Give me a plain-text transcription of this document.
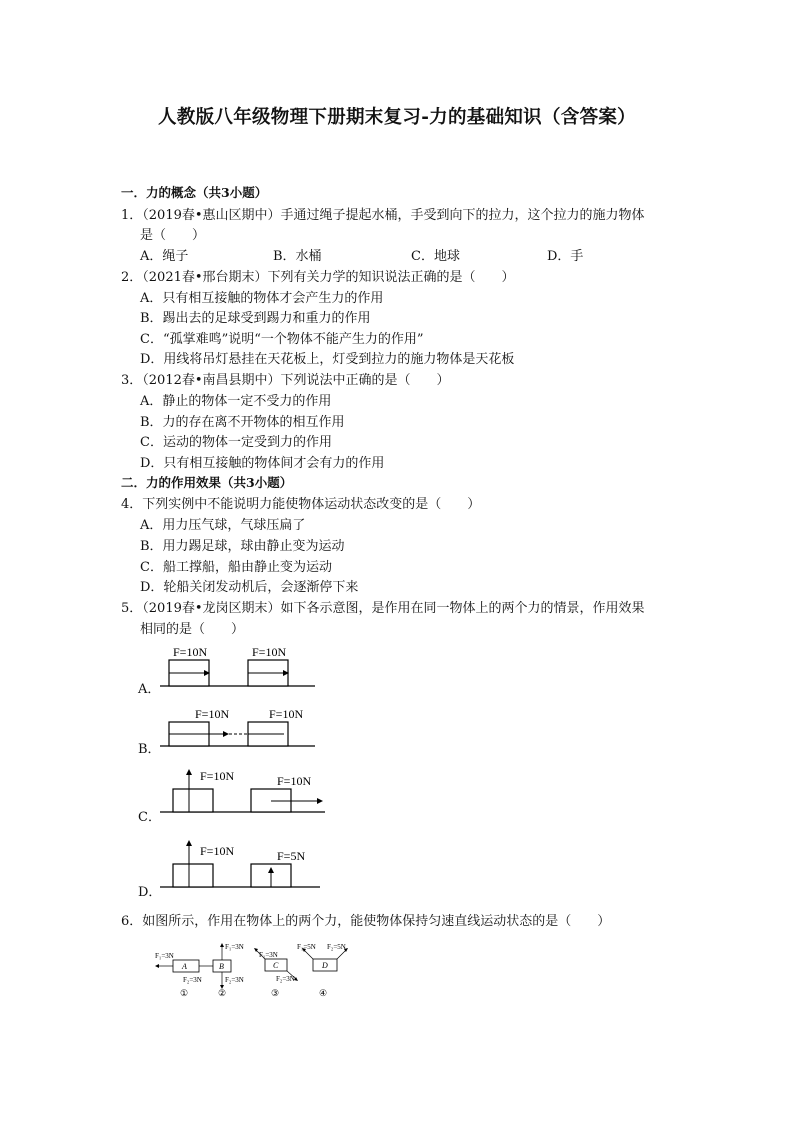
人教版八年级物理下册期末复习-力的基础知识（含答案）
一．力的概念（共3小题）
1．（2019春•惠山区期中）手通过绳子提起水桶，手受到向下的拉力，这个拉力的施力物体
是（　　）
A．绳子	B．水桶	C．地球	D．手
2．（2021春•邢台期末）下列有关力学的知识说法正确的是（　　）
A．只有相互接触的物体才会产生力的作用
B．踢出去的足球受到踢力和重力的作用
C．“孤掌难鸣”说明“一个物体不能产生力的作用”
D．用线将吊灯悬挂在天花板上，灯受到拉力的施力物体是天花板
3．（2012春•南昌县期中）下列说法中正确的是（　　）
A．静止的物体一定不受力的作用
B．力的存在离不开物体的相互作用
C．运动的物体一定受到力的作用
D．只有相互接触的物体间才会有力的作用
二．力的作用效果（共3小题）
4．下列实例中不能说明力能使物体运动状态改变的是（　　）
A．用力压气球，气球压扁了
B．用力踢足球，球由静止变为运动
C．船工撑船，船由静止变为运动
D．轮船关闭发动机后，会逐渐停下来
5．（2019春•龙岗区期末）如下各示意图，是作用在同一物体上的两个力的情景，作用效果
相同的是（　　）
A．
F=10N	F=10N
B．
F=10N	F=10N
C．
F=10N	F=10N
D．
F=10N	F=5N
6．如图所示，作用在物体上的两个力，能使物体保持匀速直线运动状态的是（　　）
A
F₁=3N
F₂=3N
①
B
F₁=3N
F₂=3N
②
C
F₁=3N
F₂=3N
③
D
F₁=5N F₂=5N
④
